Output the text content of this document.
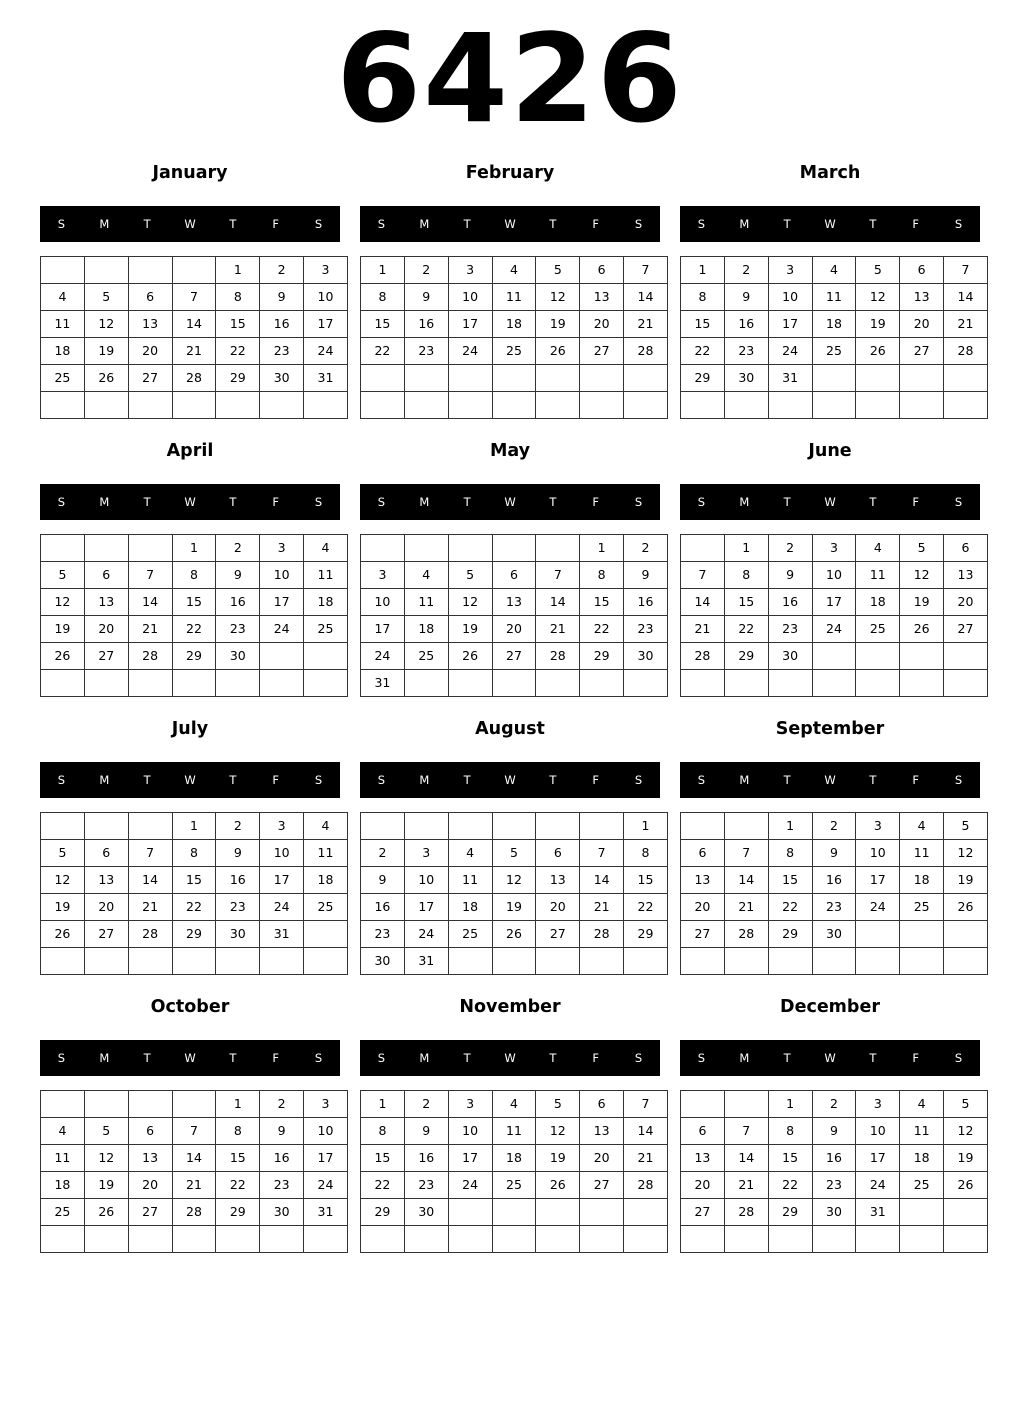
6426
January
S	M	T	W	T	F	S
				1	2	3
4	5	6	7	8	9	10
11	12	13	14	15	16	17
18	19	20	21	22	23	24
25	26	27	28	29	30	31

February
S	M	T	W	T	F	S
1	2	3	4	5	6	7
8	9	10	11	12	13	14
15	16	17	18	19	20	21
22	23	24	25	26	27	28

March
S	M	T	W	T	F	S
1	2	3	4	5	6	7
8	9	10	11	12	13	14
15	16	17	18	19	20	21
22	23	24	25	26	27	28
29	30	31				

April
S	M	T	W	T	F	S
			1	2	3	4
5	6	7	8	9	10	11
12	13	14	15	16	17	18
19	20	21	22	23	24	25
26	27	28	29	30		

May
S	M	T	W	T	F	S
					1	2
3	4	5	6	7	8	9
10	11	12	13	14	15	16
17	18	19	20	21	22	23
24	25	26	27	28	29	30
31						
June
S	M	T	W	T	F	S
	1	2	3	4	5	6
7	8	9	10	11	12	13
14	15	16	17	18	19	20
21	22	23	24	25	26	27
28	29	30				

July
S	M	T	W	T	F	S
			1	2	3	4
5	6	7	8	9	10	11
12	13	14	15	16	17	18
19	20	21	22	23	24	25
26	27	28	29	30	31	

August
S	M	T	W	T	F	S
						1
2	3	4	5	6	7	8
9	10	11	12	13	14	15
16	17	18	19	20	21	22
23	24	25	26	27	28	29
30	31					
September
S	M	T	W	T	F	S
		1	2	3	4	5
6	7	8	9	10	11	12
13	14	15	16	17	18	19
20	21	22	23	24	25	26
27	28	29	30			

October
S	M	T	W	T	F	S
				1	2	3
4	5	6	7	8	9	10
11	12	13	14	15	16	17
18	19	20	21	22	23	24
25	26	27	28	29	30	31

November
S	M	T	W	T	F	S
1	2	3	4	5	6	7
8	9	10	11	12	13	14
15	16	17	18	19	20	21
22	23	24	25	26	27	28
29	30					

December
S	M	T	W	T	F	S
		1	2	3	4	5
6	7	8	9	10	11	12
13	14	15	16	17	18	19
20	21	22	23	24	25	26
27	28	29	30	31		
